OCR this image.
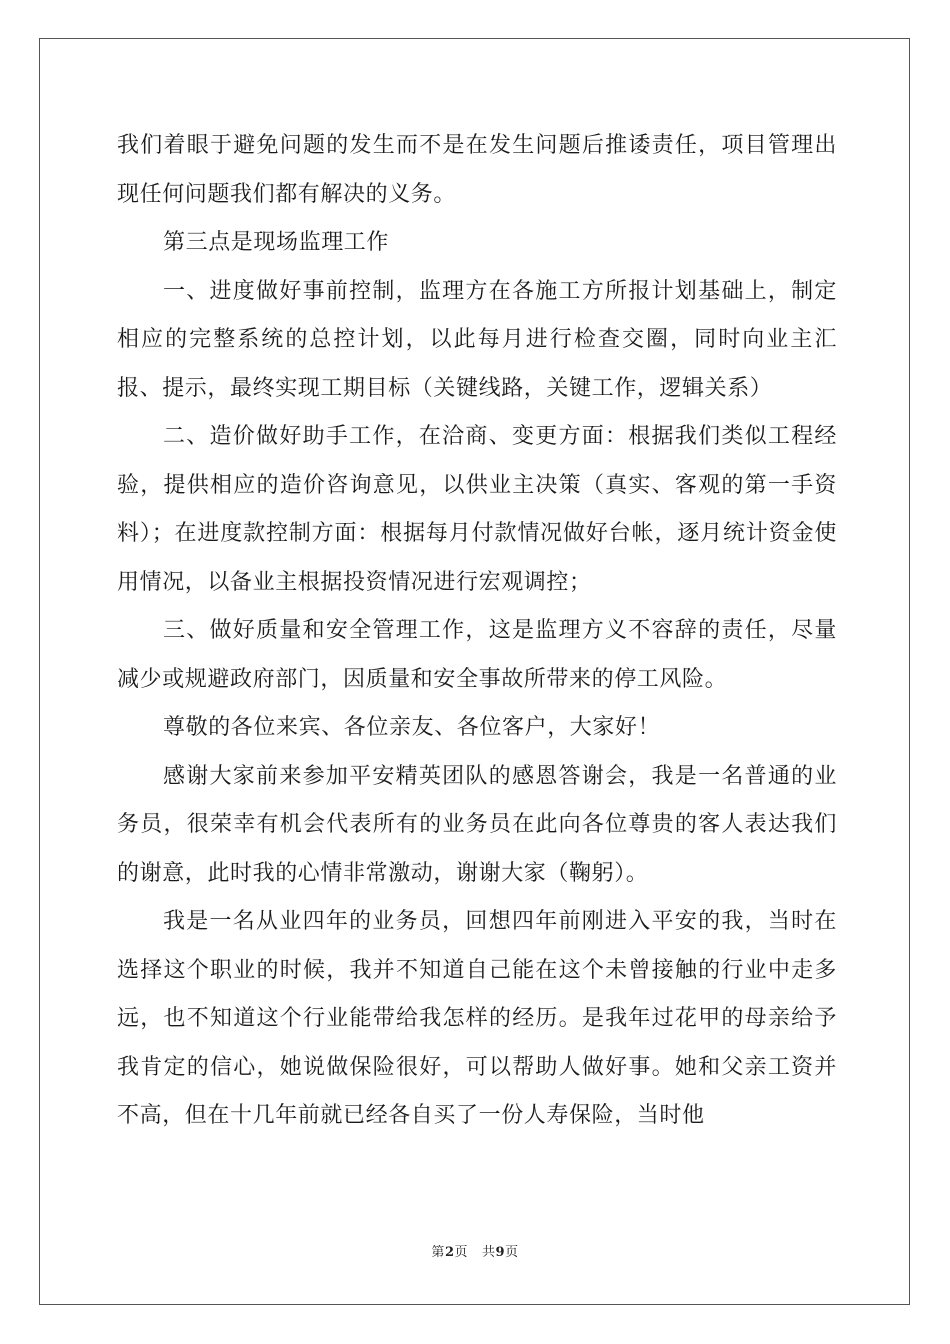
我们着眼于避免问题的发生而不是在发生问题后推诿责任，项目管理出现任何问题我们都有解决的义务。

第三点是现场监理工作

一、进度做好事前控制，监理方在各施工方所报计划基础上，制定相应的完整系统的总控计划，以此每月进行检查交圈，同时向业主汇报、提示，最终实现工期目标（关键线路，关键工作，逻辑关系）

二、造价做好助手工作，在洽商、变更方面：根据我们类似工程经验，提供相应的造价咨询意见，以供业主决策（真实、客观的第一手资料）；在进度款控制方面：根据每月付款情况做好台帐，逐月统计资金使用情况，以备业主根据投资情况进行宏观调控；

三、做好质量和安全管理工作，这是监理方义不容辞的责任，尽量减少或规避政府部门，因质量和安全事故所带来的停工风险。

尊敬的各位来宾、各位亲友、各位客户，大家好！

感谢大家前来参加平安精英团队的感恩答谢会，我是一名普通的业务员，很荣幸有机会代表所有的业务员在此向各位尊贵的客人表达我们的谢意，此时我的心情非常激动，谢谢大家（鞠躬）。

我是一名从业四年的业务员，回想四年前刚进入平安的我，当时在选择这个职业的时候，我并不知道自己能在这个未曾接触的行业中走多远，也不知道这个行业能带给我怎样的经历。是我年过花甲的母亲给予我肯定的信心，她说做保险很好，可以帮助人做好事。她和父亲工资并不高，但在十几年前就已经各自买了一份人寿保险，当时他

第2页 共9页
